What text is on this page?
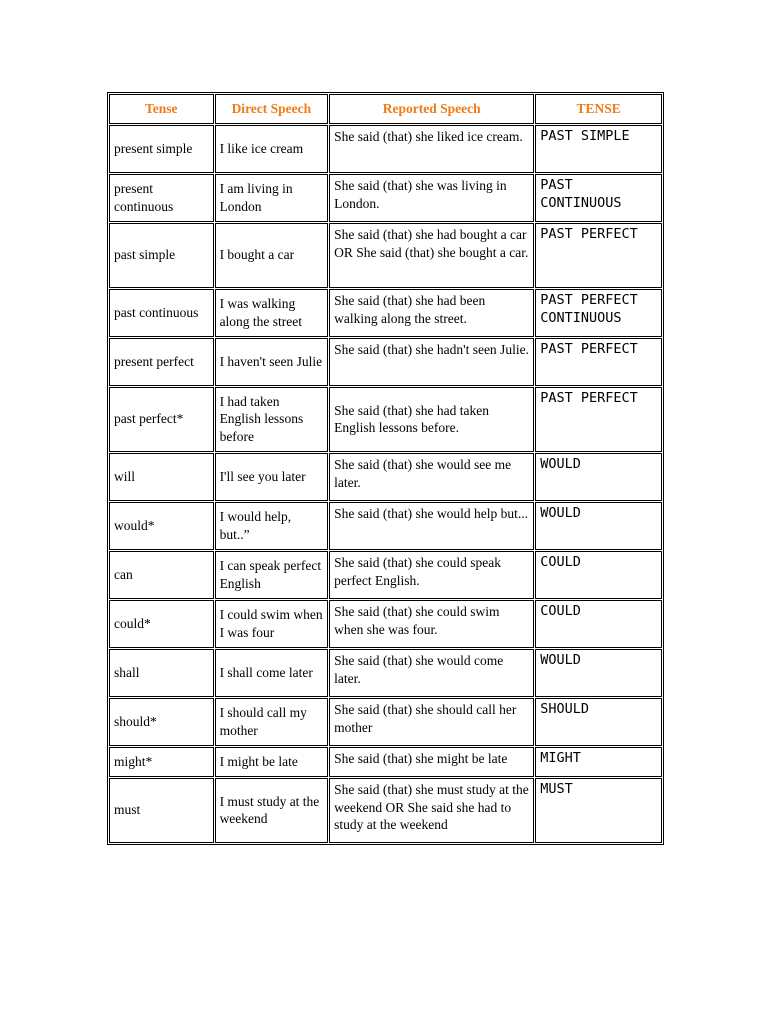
Tense	Direct Speech	Reported Speech	TENSE
present simple	I like ice cream	She said (that) she liked ice cream.	PAST SIMPLE
present continuous	I am living in London	She said (that) she was living in London.	PAST CONTINUOUS
past simple	I bought a car	She said (that) she had bought a car OR She said (that) she bought a car.	PAST PERFECT
past continuous	I was walking along the street	She said (that) she had been walking along the street.	PAST PERFECT CONTINUOUS
present perfect	I haven't seen Julie	She said (that) she hadn't seen Julie.	PAST PERFECT
past perfect*	I had taken English lessons before	She said (that) she had taken English lessons before.	PAST PERFECT
will	I'll see you later	She said (that) she would see me later.	WOULD
would*	I would help, but..”	She said (that) she would help but...	WOULD
can	I can speak perfect English	She said (that) she could speak perfect English.	COULD
could*	I could swim when I was four	She said (that) she could swim when she was four.	COULD
shall	I shall come later	She said (that) she would come later.	WOULD
should*	I should call my mother	She said (that) she should call her mother	SHOULD
might*	I might be late	She said (that) she might be late	MIGHT
must	I must study at the weekend	She said (that) she must study at the weekend OR She said she had to study at the weekend	MUST
